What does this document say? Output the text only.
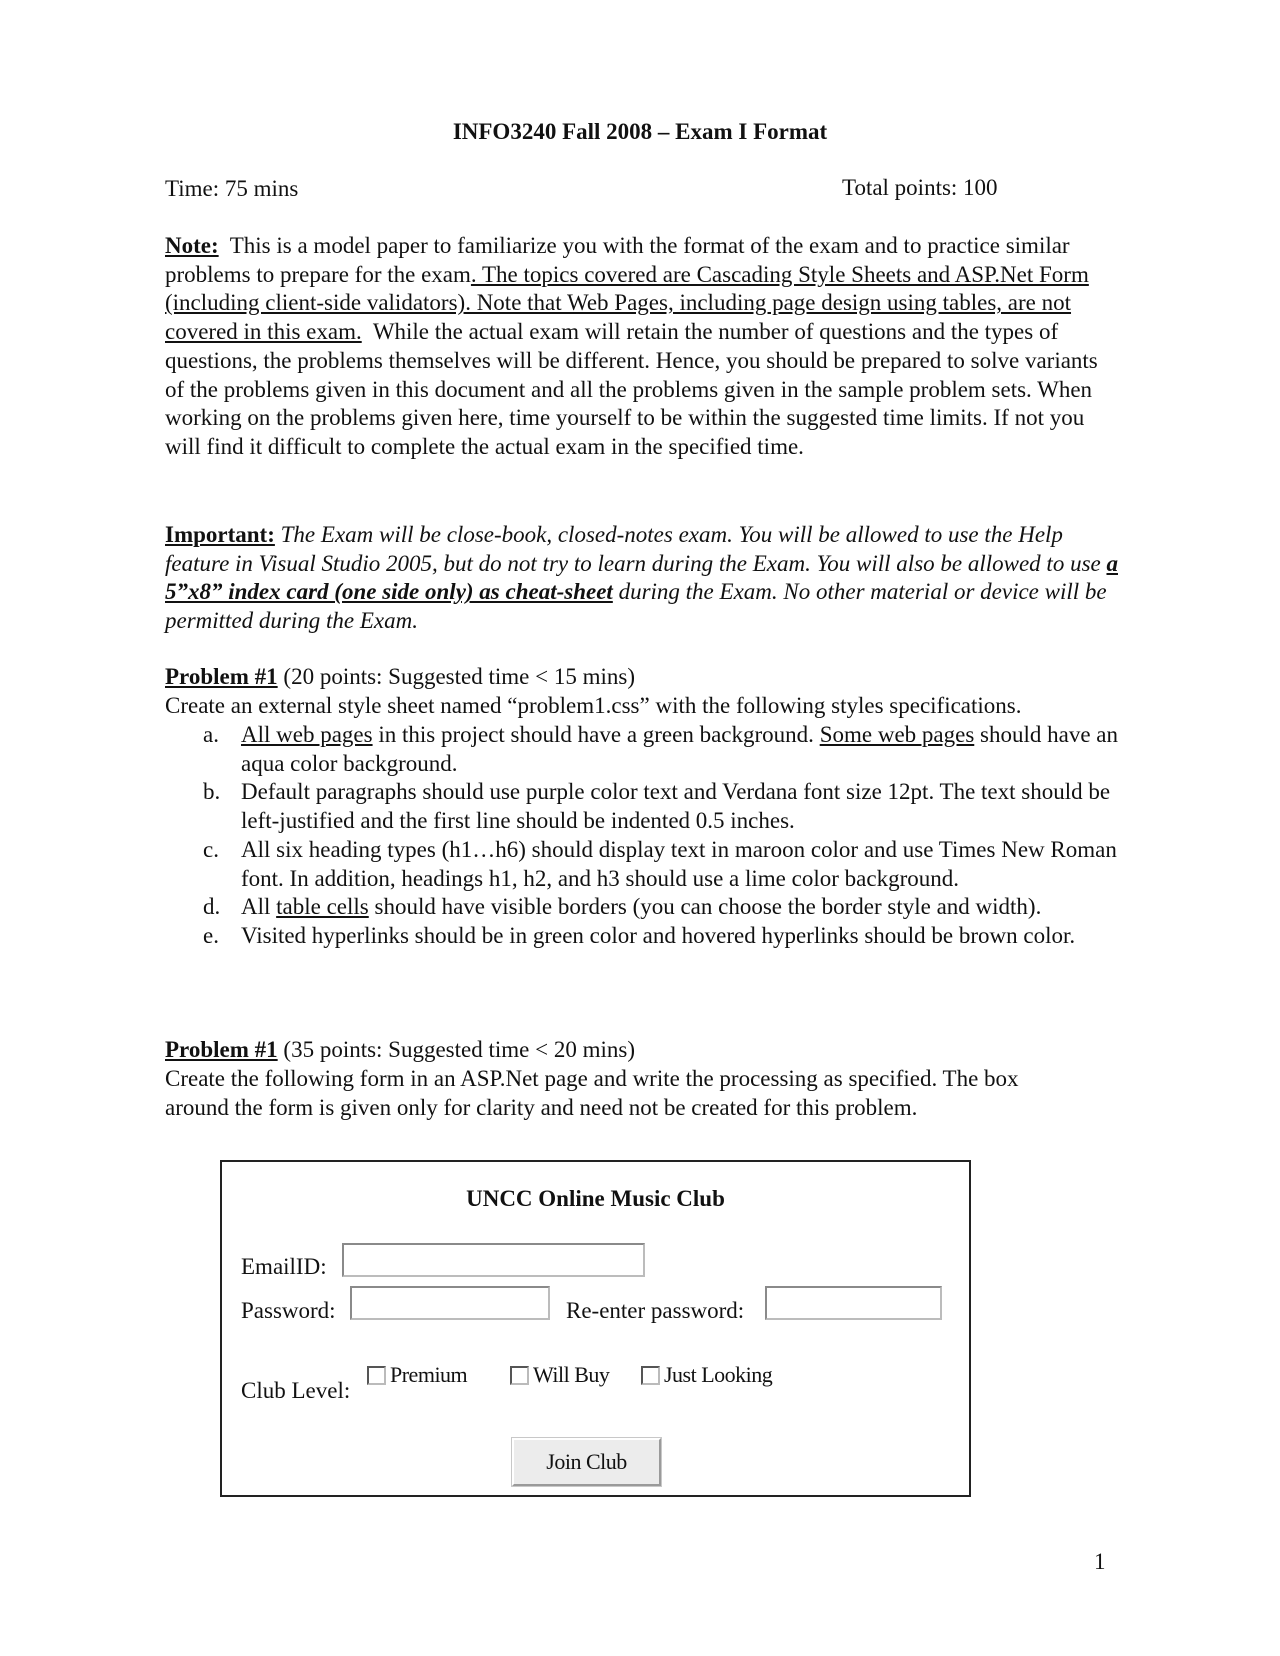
INFO3240 Fall 2008 – Exam I Format
Time: 75 mins	Total points: 100

Note: This is a model paper to familiarize you with the format of the exam and to practice similar problems to prepare for the exam. The topics covered are Cascading Style Sheets and ASP.Net Form (including client-side validators). Note that Web Pages, including page design using tables, are not covered in this exam. While the actual exam will retain the number of questions and the types of questions, the problems themselves will be different. Hence, you should be prepared to solve variants of the problems given in this document and all the problems given in the sample problem sets. When working on the problems given here, time yourself to be within the suggested time limits. If not you will find it difficult to complete the actual exam in the specified time.

Important: The Exam will be close-book, closed-notes exam. You will be allowed to use the Help feature in Visual Studio 2005, but do not try to learn during the Exam. You will also be allowed to use a 5”x8” index card (one side only) as cheat-sheet during the Exam. No other material or device will be permitted during the Exam.

Problem #1 (20 points: Suggested time < 15 mins)
Create an external style sheet named “problem1.css” with the following styles specifications.
a. All web pages in this project should have a green background. Some web pages should have an aqua color background.
b. Default paragraphs should use purple color text and Verdana font size 12pt. The text should be left-justified and the first line should be indented 0.5 inches.
c. All six heading types (h1…h6) should display text in maroon color and use Times New Roman font. In addition, headings h1, h2, and h3 should use a lime color background.
d. All table cells should have visible borders (you can choose the border style and width).
e. Visited hyperlinks should be in green color and hovered hyperlinks should be brown color.
Problem #1 (35 points: Suggested time < 20 mins)
Create the following form in an ASP.Net page and write the processing as specified. The box
around the form is given only for clarity and need not be created for this problem.
UNCC Online Music Club
EmailID:
Password:	Re-enter password:
Club Level:
Premium	Will Buy Just Looking
Join Club
1
